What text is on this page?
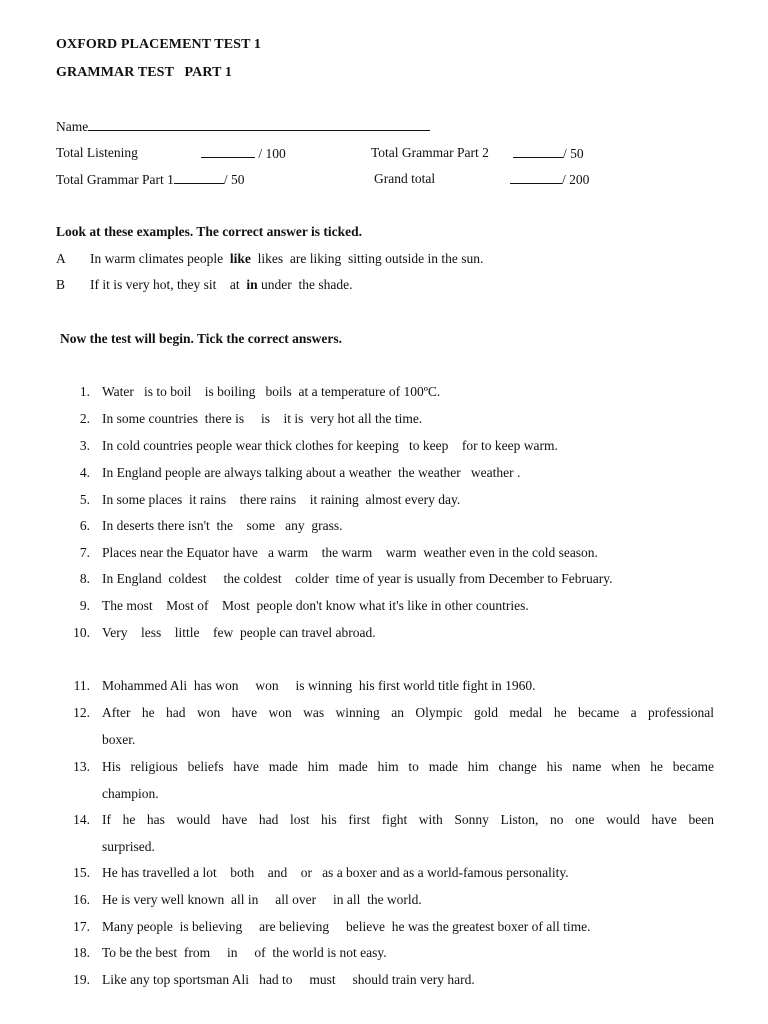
OXFORD PLACEMENT TEST 1
GRAMMAR TEST   PART 1
Name
Total Listening	/ 100	Total Grammar Part 2	/ 50
Total Grammar Part 1	/ 50	Grand total	/ 200
Look at these examples. The correct answer is ticked.
A In warm climates people like likes  are liking  sitting outside in the sun.
B If it is very hot, they sit    at in under  the shade.
Now the test will begin. Tick the correct answers.
1. Water   is to boil    is boiling   boils  at a temperature of 100ºC.
2. In some countries  there is     is    it is  very hot all the time.
3. In cold countries people wear thick clothes for keeping   to keep    for to keep warm.
4. In England people are always talking about a weather  the weather   weather .
5. In some places  it rains    there rains    it raining  almost every day.
6. In deserts there isn't  the    some   any  grass.
7. Places near the Equator have   a warm    the warm    warm  weather even in the cold season.
8. In England  coldest     the coldest    colder  time of year is usually from December to February.
9. The most    Most of    Most  people don't know what it's like in other countries.
10. Very    less    little    few  people can travel abroad.
11. Mohammed Ali  has won     won     is winning  his first world title fight in 1960.
12. After he had won have won was winning an Olympic gold medal he became a professional
boxer.
13. His religious beliefs have made him made him to made him change his name when he became
champion.
14. If he has would have had lost his first fight with Sonny Liston, no one would have been
surprised.
15. He has travelled a lot    both    and    or   as a boxer and as a world-famous personality.
16. He is very well known  all in     all over     in all  the world.
17. Many people  is believing     are believing     believe  he was the greatest boxer of all time.
18. To be the best  from     in     of  the world is not easy.
19. Like any top sportsman Ali   had to     must     should train very hard.
